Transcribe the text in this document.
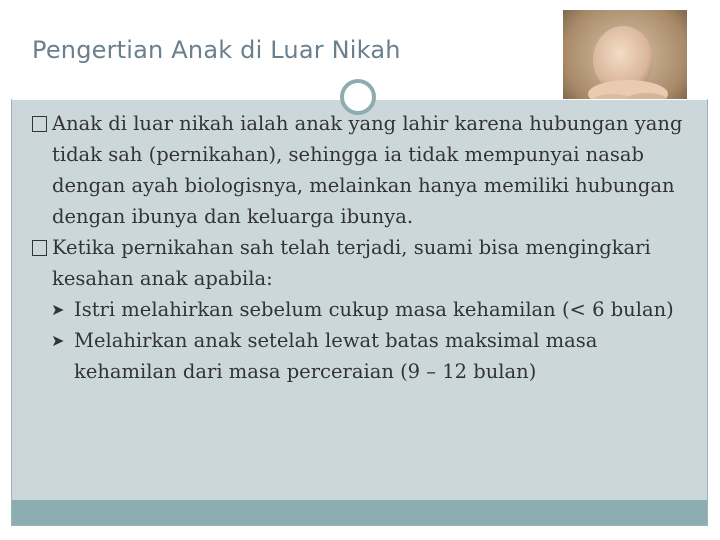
Pengertian Anak di Luar Nikah
Anak di luar nikah ialah anak yang lahir karena hubungan yang tidak sah (pernikahan), sehingga ia tidak mempunyai nasab dengan ayah biologisnya, melainkan hanya memiliki hubungan dengan ibunya dan keluarga ibunya.
Ketika pernikahan sah telah terjadi, suami bisa mengingkari kesahan anak apabila:
➤ Istri melahirkan sebelum cukup masa kehamilan (< 6 bulan)
➤ Melahirkan anak setelah lewat batas maksimal masa kehamilan dari masa perceraian (9 – 12 bulan)
